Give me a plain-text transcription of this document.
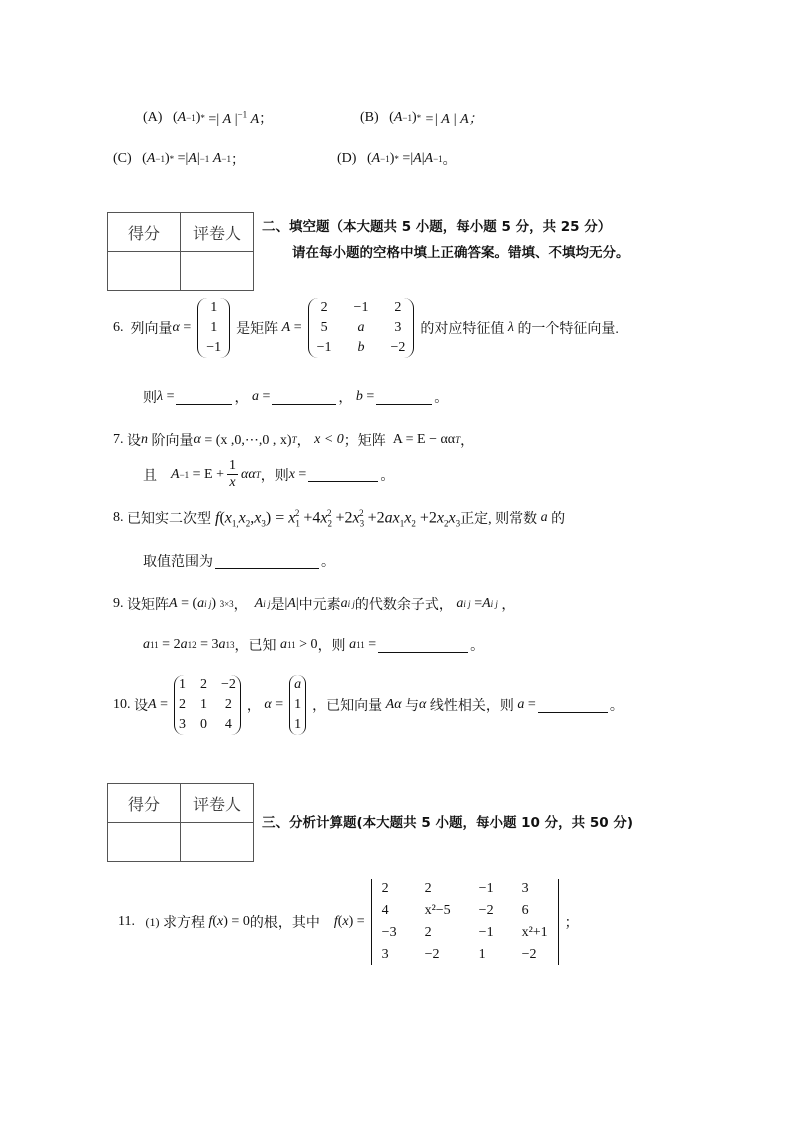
(A) ( A −1 ) *
=| A $|^{-1}$ A；	(B) ( A −1 ) *
=| A | A；
(C) ( A −1 ) * =| A | −1
A −1 ；	(D) ( A −1 ) * =| A | A −1 。
得分	评卷人
	二、填空题（本大题共 5 小题，每小题 5 分，共 25 分）
请在每小题的空格中填上正确答案。错填、不填均无分。
6.
列向量 α =
1
1
−1
是矩阵
A =
2 −1 2
5 a 3
−1 b −2
的对应特征值
λ
的一个特征向量.
则 λ =	， a =	， b =	。
7.
设 n
阶向量 α
= (x ,0,⋯,0 , x) T ，
x < 0 ；矩阵
A = E − αα T ，
且
A −1
= $E + \frac{1}{x}$ αα T ，则 x =	。
8.
已知实二次型 $f(x_{1,}x_2,x_3) = x_1^2 +4x_2^2 +2x_3^2 +2ax_1x_2 +2x_2x_3$ 正定, 则常数
a
的
取值范围为	。
9.
设矩阵 A = ( a i j ) 3×3 ， A i j 是 | A | 中元素 a i j 的代数余子式，
a i j = A i j ，
a 11 = 2 a 12 = 3 a 13 ， 已知
a 11 > 0 ，则
a 11 =	。
10.
设 A =
1 2 −2
2 1 2
3 0 4
， α =
a
1
1
，已知向量
Aα
与 α
线性相关，则
a =	。
得分	评卷人

三、分析计算题(本大题共 5 小题，每小题 10 分，共 50 分)
11.
(1)
求方程
f ( x ) = 0 的根，其中
f ( x ) =
2	2	−1 3
4	x²−5 −2 6
−3 2	−1 x²+1
3	−2	1	−2
；
